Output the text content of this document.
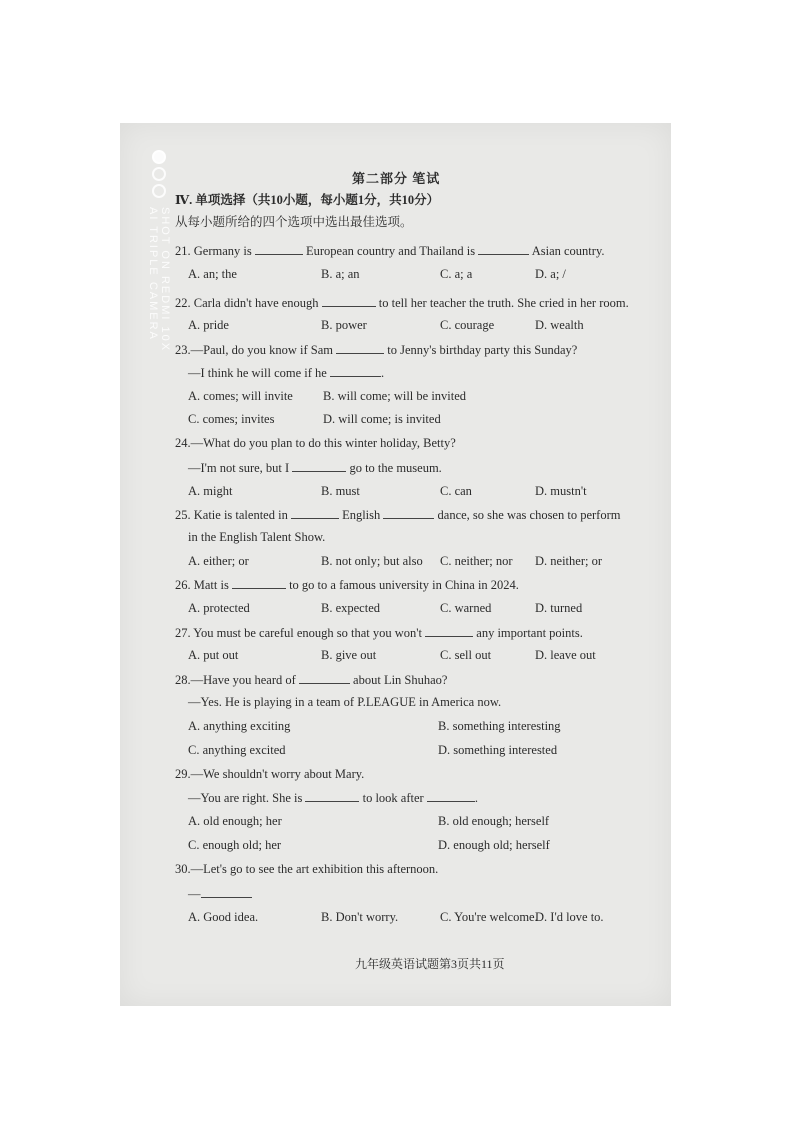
SHOT ON REDMI 10X
AI TRIPLE CAMERA
第二部分 笔试
Ⅳ. 单项选择（共10小题，每小题1分，共10分）
从每小题所给的四个选项中选出最佳选项。
21. Germany is	European country and Thailand is	Asian country.
A. an; the	B. a; an	C. a; a	D. a; /
22. Carla didn't have enough	to tell her teacher the truth. She cried in her room.
A. pride	B. power	C. courage	D. wealth
23.—Paul, do you know if Sam	to Jenny's birthday party this Sunday?
—I think he will come if he	.
A. comes; will invite B. will come; will be invited
C. comes; invites	D. will come; is invited
24.—What do you plan to do this winter holiday, Betty?
—I'm not sure, but I	go to the museum.
A. might	B. must	C. can	D. mustn't
25. Katie is talented in	English	dance, so she was chosen to perform
in the English Talent Show.
A. either; or	B. not only; but also C. neither; nor D. neither; or
26. Matt is	to go to a famous university in China in 2024.
A. protected	B. expected	C. warned	D. turned
27. You must be careful enough so that you won't	any important points.
A. put out	B. give out	C. sell out	D. leave out
28.—Have you heard of	about Lin Shuhao?
—Yes. He is playing in a team of P.LEAGUE in America now.
A. anything exciting	B. something interesting
C. anything excited	D. something interested
29.—We shouldn't worry about Mary.
—You are right. She is	to look after	.
A. old enough; her	B. old enough; herself
C. enough old; her	D. enough old; herself
30.—Let's go to see the art exhibition this afternoon.
—
A. Good idea.	B. Don't worry.	C. You're welcome.
D. I'd love to.
九年级英语试题第3页共11页
